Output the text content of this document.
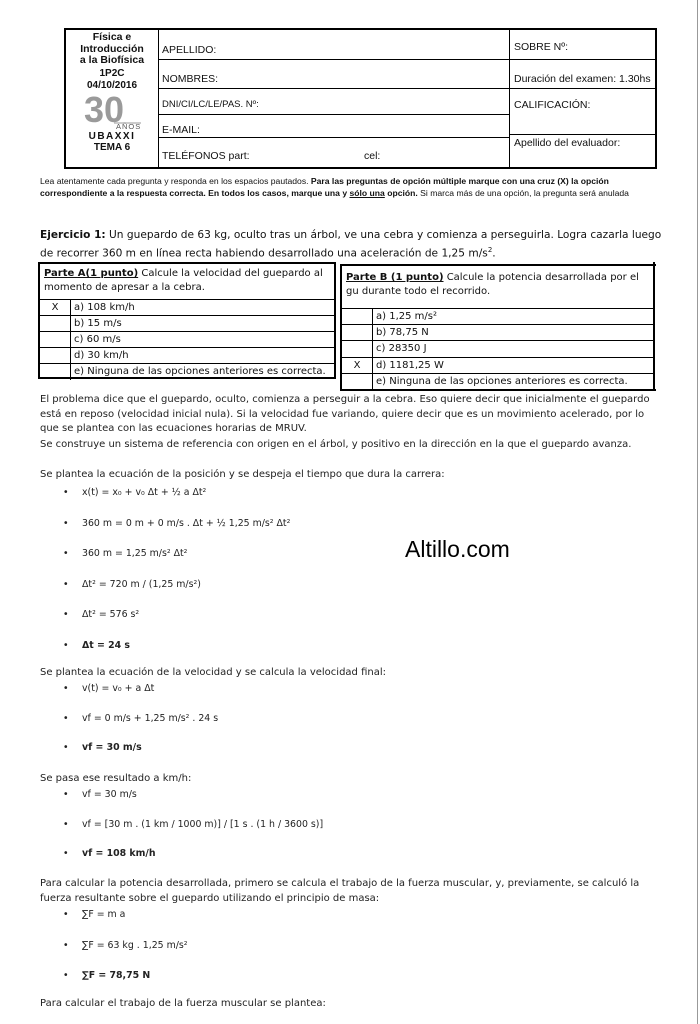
Física e
Introducción
a la Biofísica
1P2C
04/10/2016
30
AÑOS
UBAXXI
TEMA 6
APELLIDO:
NOMBRES:
DNI/CI/LC/LE/PAS. Nº:
E-MAIL:
TELÉFONOS part:	cel:
SOBRE Nº:
Duración del examen: 1.30hs
CALIFICACIÓN:
Apellido del evaluador:
Lea atentamente cada pregunta y responda en los espacios pautados. Para las preguntas de opción múltiple marque con una cruz (X) la opción correspondiente a la respuesta correcta. En todos los casos, marque una y sólo una opción. Si marca más de una opción, la pregunta será anulada
Ejercicio 1: Un guepardo de 63 kg, oculto tras un árbol, ve una cebra y comienza a perseguirla. Logra cazarla luego de recorrer 360 m en línea recta habiendo desarrollado una aceleración de 1,25 $m/s^2$.
Parte A(1 punto) Calcule la velocidad del guepardo al momento de apresar a la cebra.
X	a) 108 km/h
b) 15 m/s
c) 60 m/s
d) 30 km/h
e) Ninguna de las opciones anteriores es correcta.
Parte B (1 punto) Calcule la potencia desarrollada por el gu durante todo el recorrido.
a) 1,25 m/s²
b) 78,75 N
c) 28350 J
X	d) 1181,25 W
e) Ninguna de las opciones anteriores es correcta.
El problema dice que el guepardo, oculto, comienza a perseguir a la cebra. Eso quiere decir que inicialmente el guepardo está en reposo (velocidad inicial nula). Si la velocidad fue variando, quiere decir que es un movimiento acelerado, por lo que se plantea con las ecuaciones horarias de MRUV.
Se construye un sistema de referencia con origen en el árbol, y positivo en la dirección en la que el guepardo avanza.
Se plantea la ecuación de la posición y se despeja el tiempo que dura la carrera:
• x(t) = x₀ + v₀ Δt + ½ a Δt²
• 360 m = 0 m + 0 m/s . Δt + ½ 1,25 m/s² Δt²
• 360 m = 1,25 m/s² Δt²
• Δt² = 720 m / (1,25 m/s²)
• Δt² = 576 s²
• Δt = 24 s
Se plantea la ecuación de la velocidad y se calcula la velocidad final:
• v(t) = v₀ + a Δt
• vf = 0 m/s + 1,25 m/s² . 24 s
• vf = 30 m/s
Se pasa ese resultado a km/h:
• vf = 30 m/s
• vf = [30 m . (1 km / 1000 m)] / [1 s . (1 h / 3600 s)]
• vf = 108 km/h
Para calcular la potencia desarrollada, primero se calcula el trabajo de la fuerza muscular, y, previamente, se calculó la fuerza resultante sobre el guepardo utilizando el principio de masa:
• ∑F = m a
• ∑F = 63 kg . 1,25 m/s²
• ∑F = 78,75 N
Para calcular el trabajo de la fuerza muscular se plantea:
Altillo.com
